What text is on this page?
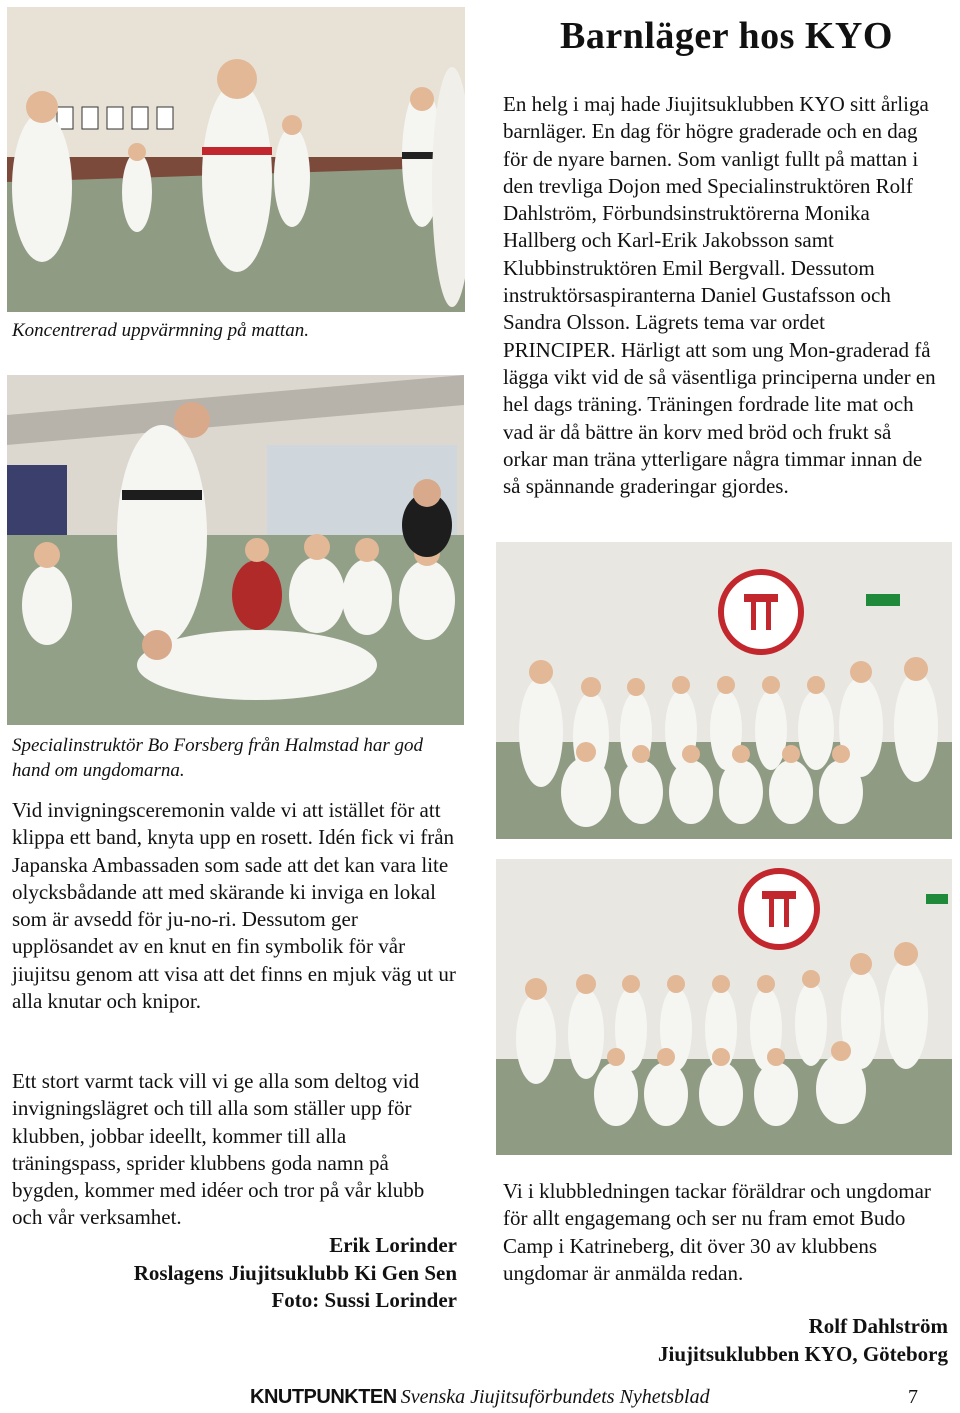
Barnläger hos KYO
Koncentrerad uppvärmning på mattan.
En helg i maj hade Jiujitsuklubben KYO sitt årliga barnläger. En dag för högre graderade och en dag för de nyare barnen. Som vanligt fullt på mattan i den trevliga Dojon med Specialinstruktören Rolf Dahlström, Förbundsinstruktörerna Monika Hallberg och Karl-Erik Jakobsson samt Klubbinstruktören Emil Bergvall. Dessutom instruktörsaspiranterna Daniel Gustafsson och Sandra Olsson. Lägrets tema var ordet PRINCIPER. Härligt att som ung Mon-graderad få lägga vikt vid de så väsentliga principerna under en hel dags träning. Träningen fordrade lite mat och vad är då bättre än korv med bröd och frukt så orkar man träna ytterligare några timmar innan de så spännande graderingar gjordes.
Specialinstruktör Bo Forsberg från Halmstad har god hand om ungdomarna.
Vid invigningsceremonin valde vi att istället för att klippa ett band, knyta upp en rosett. Idén fick vi från Japanska Ambassaden som sade att det kan vara lite olycksbådande att med skärande ki inviga en lokal som är avsedd för ju-no-ri. Dessutom ger upplösandet av en knut en fin symbolik för vår jiujitsu genom att visa att det finns en mjuk väg ut ur alla knutar och knipor.
Ett stort varmt tack vill vi ge alla som deltog vid invigningslägret och till alla som ställer upp för klubben, jobbar ideellt, kommer till alla träningspass, sprider klubbens goda namn på bygden, kommer med idéer och tror på vår klubb och vår verksamhet.
Erik Lorinder
Roslagens Jiujitsuklubb Ki Gen Sen
Foto: Sussi Lorinder
Vi i klubbledningen tackar föräldrar och ungdomar för allt engagemang och ser nu fram emot Budo Camp i Katrineberg, dit över 30 av klubbens ungdomar är anmälda redan.
Rolf Dahlström
Jiujitsuklubben KYO, Göteborg
KNUTPUNKTEN Svenska Jiujitsuförbundets Nyhetsblad	7
